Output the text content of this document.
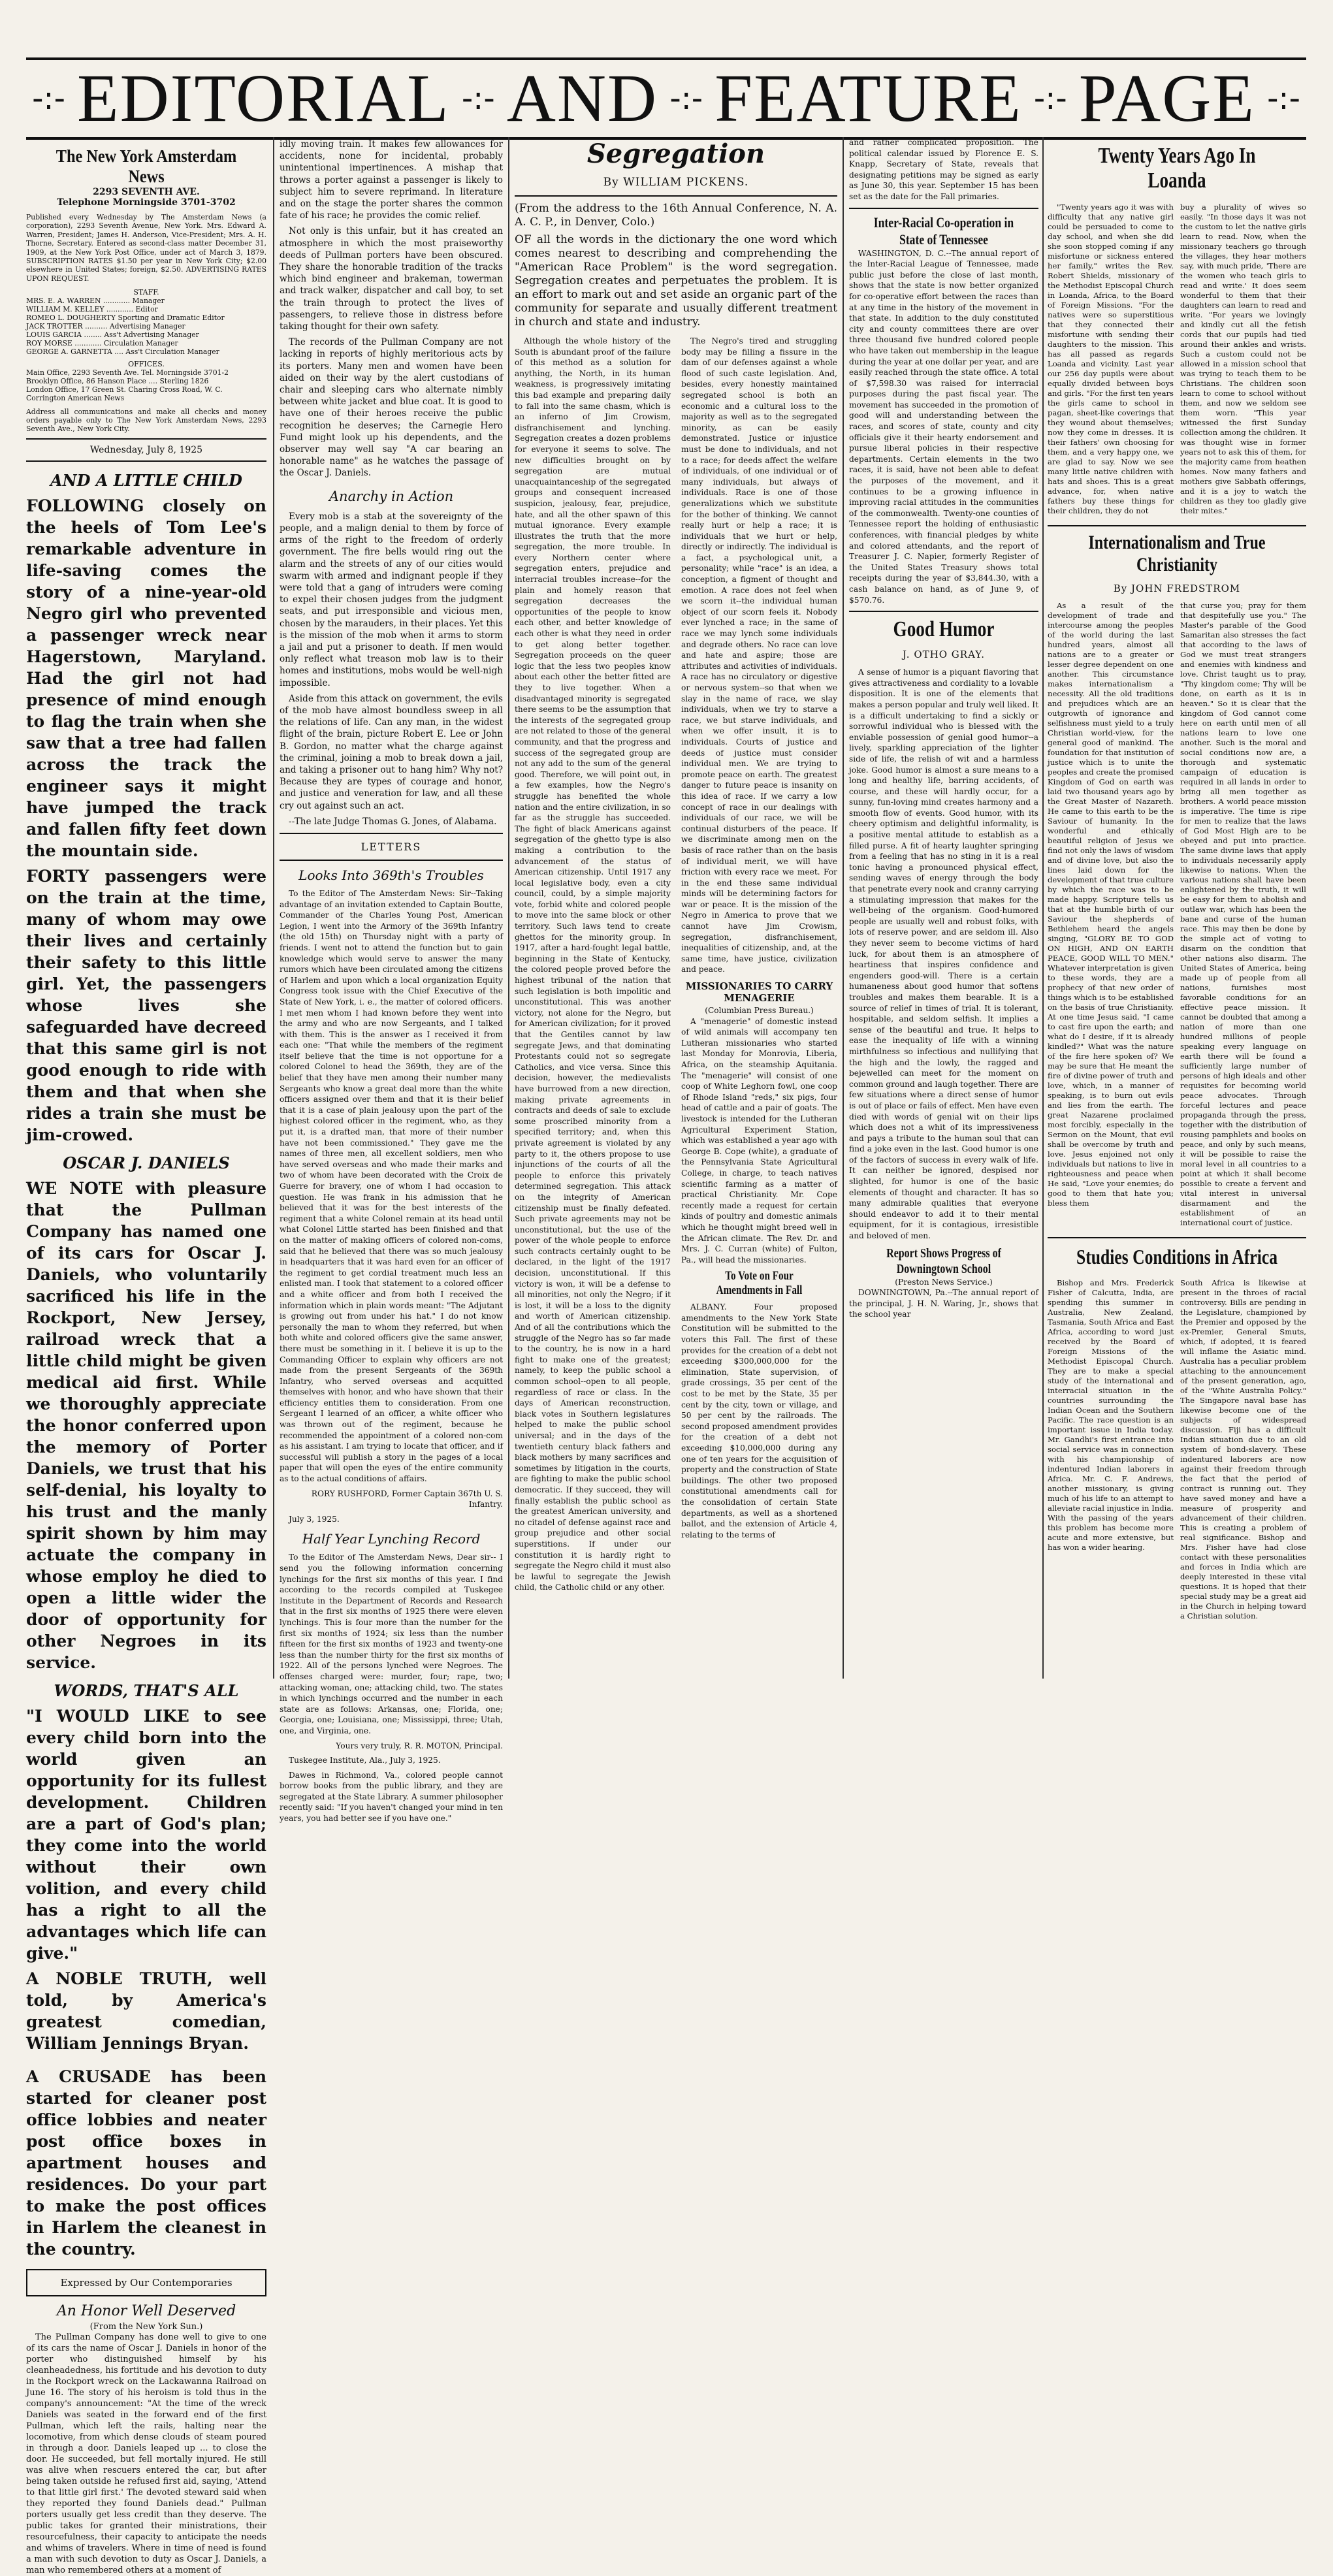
-:- EDITORIAL -:- AND -:- FEATURE -:- PAGE -:-
The New York Amsterdam News
2293 SEVENTH AVE.
Telephone Morningside 3701-3702
Published every Wednesday by The Amsterdam News (a corporation), 2293 Seventh Avenue, New York. Mrs. Edward A. Warren, President; James H. Anderson, Vice-President; Mrs. A. H. Thorne, Secretary. Entered as second-class matter December 31, 1909, at the New York Post Office, under act of March 3, 1879. SUBSCRIPTION RATES $1.50 per year in New York City; $2.00 elsewhere in United States; foreign, $2.50. ADVERTISING RATES UPON REQUEST.
STAFF.
MRS. E. A. WARREN ............ Manager
WILLIAM M. KELLEY ............ Editor
ROMEO L. DOUGHERTY Sporting and Dramatic Editor
JACK TROTTER .......... Advertising Manager
LOUIS GARCIA ........ Ass't Advertising Manager
ROY MORSE ............ Circulation Manager
GEORGE A. GARNETTA .... Ass't Circulation Manager
OFFICES.
Main Office, 2293 Seventh Ave. Tel. Morningside 3701-2
Brooklyn Office, 86 Hanson Place .... Sterling 1826
London Office, 17 Green St. Charing Cross Road, W. C.
Corrington American News
Address all communications and make all checks and money orders payable only to The New York Amsterdam News, 2293 Seventh Ave., New York City.
Wednesday, July 8, 1925
AND A LITTLE CHILD

FOLLOWING closely on the heels of Tom Lee's remarkable adventure in life-saving comes the story of a nine-year-old Negro girl who prevented a passenger wreck near Hagerstown, Maryland. Had the girl not had presence of mind enough to flag the train when she saw that a tree had fallen across the track the engineer says it might have jumped the track and fallen fifty feet down the mountain side.

FORTY passengers were on the train at the time, many of whom may owe their lives and certainly their safety to this little girl. Yet, the passengers whose lives she safeguarded have decreed that this same girl is not good enough to ride with them and that when she rides a train she must be jim-crowed.

OSCAR J. DANIELS

WE NOTE with pleasure that the Pullman Company has named one of its cars for Oscar J. Daniels, who voluntarily sacrificed his life in the Rockport, New Jersey, railroad wreck that a little child might be given medical aid first. While we thoroughly appreciate the honor conferred upon the memory of Porter Daniels, we trust that his self-denial, his loyalty to his trust and the manly spirit shown by him may actuate the company in whose employ he died to open a little wider the door of opportunity for other Negroes in its service.

WORDS, THAT'S ALL

"I WOULD LIKE to see every child born into the world given an opportunity for its fullest development. Children are a part of God's plan; they come into the world without their own volition, and every child has a right to all the advantages which life can give."

A NOBLE TRUTH, well told, by America's greatest comedian, William Jennings Bryan.

A CRUSADE has been started for cleaner post office lobbies and neater post office boxes in apartment houses and residences. Do your part to make the post offices in Harlem the cleanest in the country.

Expressed by Our Contemporaries
An Honor Well Deserved
(From the New York Sun.)

The Pullman Company has done well to give to one of its cars the name of Oscar J. Daniels in honor of the porter who distinguished himself by his cleanheadedness, his fortitude and his devotion to duty in the Rockport wreck on the Lackawanna Railroad on June 16. The story of his heroism is told thus in the company's announcement: "At the time of the wreck Daniels was seated in the forward end of the first Pullman, which left the rails, halting near the locomotive, from which dense clouds of steam poured in through a door. Daniels leaped up ... to close the door. He succeeded, but fell mortally injured. He still was alive when rescuers entered the car, but after being taken outside he refused first aid, saying, 'Attend to that little girl first.' The devoted steward said when they reported they found Daniels dead." Pullman porters usually get less credit than they deserve. The public takes for granted their ministrations, their resourcefulness, their capacity to anticipate the needs and whims of travelers. Where in time of need is found a man with such devotion to duty as Oscar J. Daniels, a man who remembered others at a moment of

idly moving train. It makes few allowances for accidents, none for incidental, probably unintentional impertinences. A mishap that throws a porter against a passenger is likely to subject him to severe reprimand. In literature and on the stage the porter shares the common fate of his race; he provides the comic relief.

Not only is this unfair, but it has created an atmosphere in which the most praiseworthy deeds of Pullman porters have been obscured. They share the honorable tradition of the tracks which bind engineer and brakeman, towerman and track walker, dispatcher and call boy, to set the train through to protect the lives of passengers, to relieve those in distress before taking thought for their own safety.

The records of the Pullman Company are not lacking in reports of highly meritorious acts by its porters. Many men and women have been aided on their way by the alert custodians of chair and sleeping cars who alternate nimbly between white jacket and blue coat. It is good to have one of their heroes receive the public recognition he deserves; the Carnegie Hero Fund might look up his dependents, and the observer may well say "A car bearing an honorable name" as he watches the passage of the Oscar J. Daniels.

Anarchy in Action

Every mob is a stab at the sovereignty of the people, and a malign denial to them by force of arms of the right to the freedom of orderly government. The fire bells would ring out the alarm and the streets of any of our cities would swarm with armed and indignant people if they were told that a gang of intruders were coming to expel their chosen judges from the judgment seats, and put irresponsible and vicious men, chosen by the marauders, in their places. Yet this is the mission of the mob when it arms to storm a jail and put a prisoner to death. If men would only reflect what treason mob law is to their homes and institutions, mobs would be well-nigh impossible.

Aside from this attack on government, the evils of the mob have almost boundless sweep in all the relations of life. Can any man, in the widest flight of the brain, picture Robert E. Lee or John B. Gordon, no matter what the charge against the criminal, joining a mob to break down a jail, and taking a prisoner out to hang him? Why not? Because they are types of courage and honor, and justice and veneration for law, and all these cry out against such an act.

--The late Judge Thomas G. Jones, of Alabama.

LETTERS
Looks Into 369th's Troubles

To the Editor of The Amsterdam News: Sir--Taking advantage of an invitation extended to Captain Boutte, Commander of the Charles Young Post, American Legion, I went into the Armory of the 369th Infantry (the old 15th) on Thursday night with a party of friends. I went not to attend the function but to gain knowledge which would serve to answer the many rumors which have been circulated among the citizens of Harlem and upon which a local organization Equity Congress took issue with the Chief Executive of the State of New York, i. e., the matter of colored officers. I met men whom I had known before they went into the army and who are now Sergeants, and I talked with them. This is the answer as I received it from each one: "That while the members of the regiment itself believe that the time is not opportune for a colored Colonel to head the 369th, they are of the belief that they have men among their number many Sergeants who know a great deal more than the white officers assigned over them and that it is their belief that it is a case of plain jealousy upon the part of the highest colored officer in the regiment, who, as they put it, is a drafted man, that more of their number have not been commissioned." They gave me the names of three men, all excellent soldiers, men who have served overseas and who made their marks and two of whom have been decorated with the Croix de Guerre for bravery, one of whom I had occasion to question. He was frank in his admission that he believed that it was for the best interests of the regiment that a white Colonel remain at its head until what Colonel Little started has been finished and that on the matter of making officers of colored non-coms, said that he believed that there was so much jealousy in headquarters that it was hard even for an officer of the regiment to get cordial treatment much less an enlisted man. I took that statement to a colored officer and a white officer and from both I received the information which in plain words meant: "The Adjutant is growing out from under his hat." I do not know personally the man to whom they referred, but when both white and colored officers give the same answer, there must be something in it. I believe it is up to the Commanding Officer to explain why officers are not made from the present Sergeants of the 369th Infantry, who served overseas and acquitted themselves with honor, and who have shown that their efficiency entitles them to consideration. From one Sergeant I learned of an officer, a white officer who was thrown out of the regiment, because he recommended the appointment of a colored non-com as his assistant. I am trying to locate that officer, and if successful will publish a story in the pages of a local paper that will open the eyes of the entire community as to the actual conditions of affairs.

RORY RUSHFORD, Former Captain 367th U. S. Infantry.

July 3, 1925.

Half Year Lynching Record

To the Editor of The Amsterdam News, Dear sir-- I send you the following information concerning lynchings for the first six months of this year. I find according to the records compiled at Tuskegee Institute in the Department of Records and Research that in the first six months of 1925 there were eleven lynchings. This is four more than the number for the first six months of 1924; six less than the number fifteen for the first six months of 1923 and twenty-one less than the number thirty for the first six months of 1922. All of the persons lynched were Negroes. The offenses charged were: murder, four; rape, two; attacking woman, one; attacking child, two. The states in which lynchings occurred and the number in each state are as follows: Arkansas, one; Florida, one; Georgia, one; Louisiana, one; Mississippi, three; Utah, one, and Virginia, one.

Yours very truly, R. R. MOTON, Principal.

Tuskegee Institute, Ala., July 3, 1925.

Dawes in Richmond, Va., colored people cannot borrow books from the public library, and they are segregated at the State Library. A summer philosopher recently said: "If you haven't changed your mind in ten years, you had better see if you have one."

Segregation
By WILLIAM PICKENS.
(From the address to the 16th Annual Conference, N. A. A. C. P., in Denver, Colo.)
OF all the words in the dictionary the one word which comes nearest to describing and comprehending the "American Race Problem" is the word segregation. Segregation creates and perpetuates the problem. It is an effort to mark out and set aside an organic part of the community for separate and usually different treatment in church and state and industry.

Although the whole history of the South is abundant proof of the failure of this method as a solution for anything, the North, in its human weakness, is progressively imitating this bad example and preparing daily to fall into the same chasm, which is an inferno of Jim Crowism, disfranchisement and lynching. Segregation creates a dozen problems for everyone it seems to solve. The new difficulties brought on by segregation are mutual unacquaintanceship of the segregated groups and consequent increased suspicion, jealousy, fear, prejudice, hate, and all the other spawn of this mutual ignorance. Every example illustrates the truth that the more segregation, the more trouble. In every Northern center where segregation enters, prejudice and interracial troubles increase--for the plain and homely reason that segregation decreases the opportunities of the people to know each other, and better knowledge of each other is what they need in order to get along better together. Segregation proceeds on the queer logic that the less two peoples know about each other the better fitted are they to live together. When a disadvantaged minority is segregated there seems to be the assumption that the interests of the segregated group are not related to those of the general community, and that the progress and success of the segregated group are not any add to the sum of the general good. Therefore, we will point out, in a few examples, how the Negro's struggle has benefited the whole nation and the entire civilization, in so far as the struggle has succeeded. The fight of black Americans against segregation of the ghetto type is also making a contribution to the advancement of the status of American citizenship. Until 1917 any local legislative body, even a city council, could, by a simple majority vote, forbid white and colored people to move into the same block or other territory. Such laws tend to create ghettos for the minority group. In 1917, after a hard-fought legal battle, beginning in the State of Kentucky, the colored people proved before the highest tribunal of the nation that such legislation is both impolitic and unconstitutional. This was another victory, not alone for the Negro, but for American civilization; for it proved that the Gentiles cannot by law segregate Jews, and that dominating Protestants could not so segregate Catholics, and vice versa. Since this decision, however, the medievalists have burrowed from a new direction, making private agreements in contracts and deeds of sale to exclude some proscribed minority from a specified territory; and, when this private agreement is violated by any party to it, the others propose to use injunctions of the courts of all the people to enforce this privately determined segregation. This attack on the integrity of American citizenship must be finally defeated. Such private agreements may not be unconstitutional, but the use of the power of the whole people to enforce such contracts certainly ought to be declared, in the light of the 1917 decision, unconstitutional. If this victory is won, it will be a defense to all minorities, not only the Negro; if it is lost, it will be a loss to the dignity and worth of American citizenship. And of all the contributions which the struggle of the Negro has so far made to the country, he is now in a hard fight to make one of the greatest; namely, to keep the public school a common school--open to all people, regardless of race or class. In the days of American reconstruction, black votes in Southern legislatures helped to make the public school universal; and in the days of the twentieth century black fathers and black mothers by many sacrifices and sometimes by litigation in the courts, are fighting to make the public school democratic. If they succeed, they will finally establish the public school as the greatest American university, and no citadel of defense against race and group prejudice and other social superstitions. If under our constitution it is hardly right to segregate the Negro child it must also be lawful to segregate the Jewish child, the Catholic child or any other.

The Negro's tired and struggling body may be filling a fissure in the dam of our defenses against a whole flood of such caste legislation. And, besides, every honestly maintained segregated school is both an economic and a cultural loss to the majority as well as to the segregated minority, as can be easily demonstrated. Justice or injustice must be done to individuals, and not to a race; for deeds affect the welfare of individuals, of one individual or of many individuals, but always of individuals. Race is one of those generalizations which we substitute for the bother of thinking. We cannot really hurt or help a race; it is individuals that we hurt or help, directly or indirectly. The individual is a fact, a psychological unit, a personality; while "race" is an idea, a conception, a figment of thought and emotion. A race does not feel when we scorn it--the individual human object of our scorn feels it. Nobody ever lynched a race; in the same of race we may lynch some individuals and degrade others. No race can love and hate and aspire; those are attributes and activities of individuals. A race has no circulatory or digestive or nervous system--so that when we slay in the name of race, we slay individuals, when we try to starve a race, we but starve individuals, and when we offer insult, it is to individuals. Courts of justice and deeds of justice must consider individual men. We are trying to promote peace on earth. The greatest danger to future peace is insanity on this idea of race. If we carry a low concept of race in our dealings with individuals of our race, we will be continual disturbers of the peace. If we discriminate among men on the basis of race rather than on the basis of individual merit, we will have friction with every race we meet. For in the end these same individual minds will be determining factors for war or peace. It is the mission of the Negro in America to prove that we cannot have Jim Crowism, segregation, disfranchisement, inequalities of citizenship, and, at the same time, have justice, civilization and peace.

MISSIONARIES TO CARRY MENAGERIE
(Columbian Press Bureau.)

A "menagerie" of domestic instead of wild animals will accompany ten Lutheran missionaries who started last Monday for Monrovia, Liberia, Africa, on the steamship Aquitania. The "menagerie" will consist of one coop of White Leghorn fowl, one coop of Rhode Island "reds," six pigs, four head of cattle and a pair of goats. The livestock is intended for the Lutheran Agricultural Experiment Station, which was established a year ago with George B. Cope (white), a graduate of the Pennsylvania State Agricultural College, in charge, to teach natives scientific farming as a matter of practical Christianity. Mr. Cope recently made a request for certain kinds of poultry and domestic animals which he thought might breed well in the African climate. The Rev. Dr. and Mrs. J. C. Curran (white) of Fulton, Pa., will head the missionaries.

To Vote on Four Amendments in Fall

ALBANY. Four proposed amendments to the New York State Constitution will be submitted to the voters this Fall. The first of these provides for the creation of a debt not exceeding $300,000,000 for the elimination, State supervision, of grade crossings, 35 per cent of the cost to be met by the State, 35 per cent by the city, town or village, and 50 per cent by the railroads. The second proposed amendment provides for the creation of a debt not exceeding $10,000,000 during any one of ten years for the acquisition of property and the construction of State buildings. The other two proposed constitutional amendments call for the consolidation of certain State departments, as well as a shortened ballot, and the extension of Article 4, relating to the terms of

and rather complicated proposition. The political calendar issued by Florence E. S. Knapp, Secretary of State, reveals that designating petitions may be signed as early as June 30, this year. September 15 has been set as the date for the Fall primaries.

Inter-Racial Co-operation in State of Tennessee

WASHINGTON, D. C.--The annual report of the Inter-Racial League of Tennessee, made public just before the close of last month, shows that the state is now better organized for co-operative effort between the races than at any time in the history of the movement in that state. In addition to the duly constituted city and county committees there are over three thousand five hundred colored people who have taken out membership in the league during the year at one dollar per year, and are easily reached through the state office. A total of $7,598.30 was raised for interracial purposes during the past fiscal year. The movement has succeeded in the promotion of good will and understanding between the races, and scores of state, county and city officials give it their hearty endorsement and pursue liberal policies in their respective departments. Certain elements in the two races, it is said, have not been able to defeat the purposes of the movement, and it continues to be a growing influence in improving racial attitudes in the communities of the commonwealth. Twenty-one counties of Tennessee report the holding of enthusiastic conferences, with financial pledges by white and colored attendants, and the report of Treasurer J. C. Napier, formerly Register of the United States Treasury shows total receipts during the year of $3,844.30, with a cash balance on hand, as of June 9, of $570.76.

Good Humor
J. OTHO GRAY.

A sense of humor is a piquant flavoring that gives attractiveness and cordiality to a lovable disposition. It is one of the elements that makes a person popular and truly well liked. It is a difficult undertaking to find a sickly or sorrowful individual who is blessed with the enviable possession of genial good humor--a lively, sparkling appreciation of the lighter side of life, the relish of wit and a harmless joke. Good humor is almost a sure means to a long and healthy life, barring accidents, of course, and these will hardly occur, for a sunny, fun-loving mind creates harmony and a smooth flow of events. Good humor, with its cheery optimism and delightful informality, is a positive mental attitude to establish as a filled purse. A fit of hearty laughter springing from a feeling that has no sting in it is a real tonic having a pronounced physical effect, sending waves of energy through the body that penetrate every nook and cranny carrying a stimulating impression that makes for the well-being of the organism. Good-humored people are usually well and robust folks, with lots of reserve power, and are seldom ill. Also they never seem to become victims of hard luck, for about them is an atmosphere of heartiness that inspires confidence and engenders good-will. There is a certain humaneness about good humor that softens troubles and makes them bearable. It is a source of relief in times of trial. It is tolerant, hospitable, and seldom selfish. It implies a sense of the beautiful and true. It helps to ease the inequality of life with a winning mirthfulness so infectious and nullifying that the high and the lowly, the ragged and bejewelled can meet for the moment on common ground and laugh together. There are few situations where a direct sense of humor is out of place or fails of effect. Men have even died with words of genial wit on their lips which does not a whit of its impressiveness and pays a tribute to the human soul that can find a joke even in the last. Good humor is one of the factors of success in every walk of life. It can neither be ignored, despised nor slighted, for humor is one of the basic elements of thought and character. It has so many admirable qualities that everyone should endeavor to add it to their mental equipment, for it is contagious, irresistible and beloved of men.

Report Shows Progress of Downingtown School
(Preston News Service.)

DOWNINGTOWN, Pa.--The annual report of the principal, J. H. N. Waring, Jr., shows that the school year

Twenty Years Ago In Loanda

"Twenty years ago it was with difficulty that any native girl could be persuaded to come to day school, and when she did she soon stopped coming if any misfortune or sickness entered her family," writes the Rev. Robert Shields, missionary of the Methodist Episcopal Church in Loanda, Africa, to the Board of Foreign Missions. "For the natives were so superstitious that they connected their misfortune with sending their daughters to the mission. This has all passed as regards Loanda and vicinity. Last year our 256 day pupils were about equally divided between boys and girls. "For the first ten years the girls came to school in pagan, sheet-like coverings that they wound about themselves; now they come in dresses. It is their fathers' own choosing for them, and a very happy one, we are glad to say. Now we see many little native children with hats and shoes. This is a great advance, for, when native fathers buy these things for their children, they do not

buy a plurality of wives so easily. "In those days it was not the custom to let the native girls learn to read. Now, when the missionary teachers go through the villages, they hear mothers say, with much pride, 'There are the women who teach girls to read and write.' It does seem wonderful to them that their daughters can learn to read and write. "For years we lovingly and kindly cut all the fetish cords that our pupils had tied around their ankles and wrists. Such a custom could not be allowed in a mission school that was trying to teach them to be Christians. The children soon learn to come to school without them, and now we seldom see them worn. "This year witnessed the first Sunday collection among the children. It was thought wise in former years not to ask this of them, for the majority came from heathen homes. Now many fathers and mothers give Sabbath offerings, and it is a joy to watch the children as they too gladly give their mites."

Internationalism and True Christianity
By JOHN FREDSTROM

As a result of the development of trade and intercourse among the peoples of the world during the last hundred years, almost all nations are to a greater or lesser degree dependent on one another. This circumstance makes internationalism a necessity. All the old traditions and prejudices which are an outgrowth of ignorance and selfishness must yield to a truly Christian world-view, for the general good of mankind. The foundation for that institution of justice which is to unite the peoples and create the promised Kingdom of God on earth was laid two thousand years ago by the Great Master of Nazareth. He came to this earth to be the Saviour of humanity. In the wonderful and ethically beautiful religion of Jesus we find not only the laws of wisdom and of divine love, but also the lines laid down for the development of that true culture by which the race was to be made happy. Scripture tells us that at the humble birth of our Saviour the shepherds of Bethlehem heard the angels singing, "GLORY BE TO GOD ON HIGH, AND ON EARTH PEACE, GOOD WILL TO MEN." Whatever interpretation is given to these words, they are a prophecy of that new order of things which is to be established on the basis of true Christianity. At one time Jesus said, "I came to cast fire upon the earth; and what do I desire, if it is already kindled?" What was the nature of the fire here spoken of? We may be sure that He meant the fire of divine power of truth and love, which, in a manner of speaking, is to burn out evils and lies from the earth. The great Nazarene proclaimed most forcibly, especially in the Sermon on the Mount, that evil shall be overcome by truth and love. Jesus enjoined not only individuals but nations to live in righteousness and peace when He said, "Love your enemies; do good to them that hate you; bless them

that curse you; pray for them that despitefully use you." The Master's parable of the Good Samaritan also stresses the fact that according to the laws of God we must treat strangers and enemies with kindness and love. Christ taught us to pray, "Thy kingdom come; Thy will be done, on earth as it is in heaven." So it is clear that the kingdom of God cannot come here on earth until men of all nations learn to love one another. Such is the moral and social conditions now are, a thorough and systematic campaign of education is required in all lands in order to bring all men together as brothers. A world peace mission is imperative. The time is ripe for men to realize that the laws of God Most High are to be obeyed and put into practice. The same divine laws that apply to individuals necessarily apply likewise to nations. When the various nations shall have been enlightened by the truth, it will be easy for them to abolish and outlaw war, which has been the bane and curse of the human race. This may then be done by the simple act of voting to disarm on the condition that other nations also disarm. The United States of America, being made up of people from all nations, furnishes most favorable conditions for an effective peace mission. It cannot be doubted that among a nation of more than one hundred millions of people speaking every language on earth there will be found a sufficiently large number of persons of high ideals and other requisites for becoming world peace advocates. Through forceful lectures and peace propaganda through the press, together with the distribution of rousing pamphlets and books on peace, and only by such means, it will be possible to raise the moral level in all countries to a point at which it shall become possible to create a fervent and vital interest in universal disarmament and the establishment of an international court of justice.

Studies Conditions in Africa

Bishop and Mrs. Frederick Fisher of Calcutta, India, are spending this summer in Australia, New Zealand, Tasmania, South Africa and East Africa, according to word just received by the Board of Foreign Missions of the Methodist Episcopal Church. They are to make a special study of the international and interracial situation in the countries surrounding the Indian Ocean and the Southern Pacific. The race question is an important issue in India today. Mr. Gandhi's first entrance into social service was in connection with his championship of indentured Indian laborers in Africa. Mr. C. F. Andrews, another missionary, is giving much of his life to an attempt to alleviate racial injustice in India. With the passing of the years this problem has become more acute and more extensive, but has won a wider hearing.

South Africa is likewise at present in the throes of racial controversy. Bills are pending in the Legislature, championed by the Premier and opposed by the ex-Premier, General Smuts, which, if adopted, it is feared will inflame the Asiatic mind. Australia has a peculiar problem attaching to the announcement of the present generation, ago, of the "White Australia Policy." The Singapore naval base has likewise become one of the subjects of widespread discussion. Fiji has a difficult Indian situation due to an old system of bond-slavery. These indentured laborers are now against their freedom through the fact that the period of contract is running out. They have saved money and have a measure of prosperity and advancement of their children. This is creating a problem of real significance. Bishop and Mrs. Fisher have had close contact with these personalities and forces in India which are deeply interested in these vital questions. It is hoped that their special study may be a great aid in the Church in helping toward a Christian solution.
